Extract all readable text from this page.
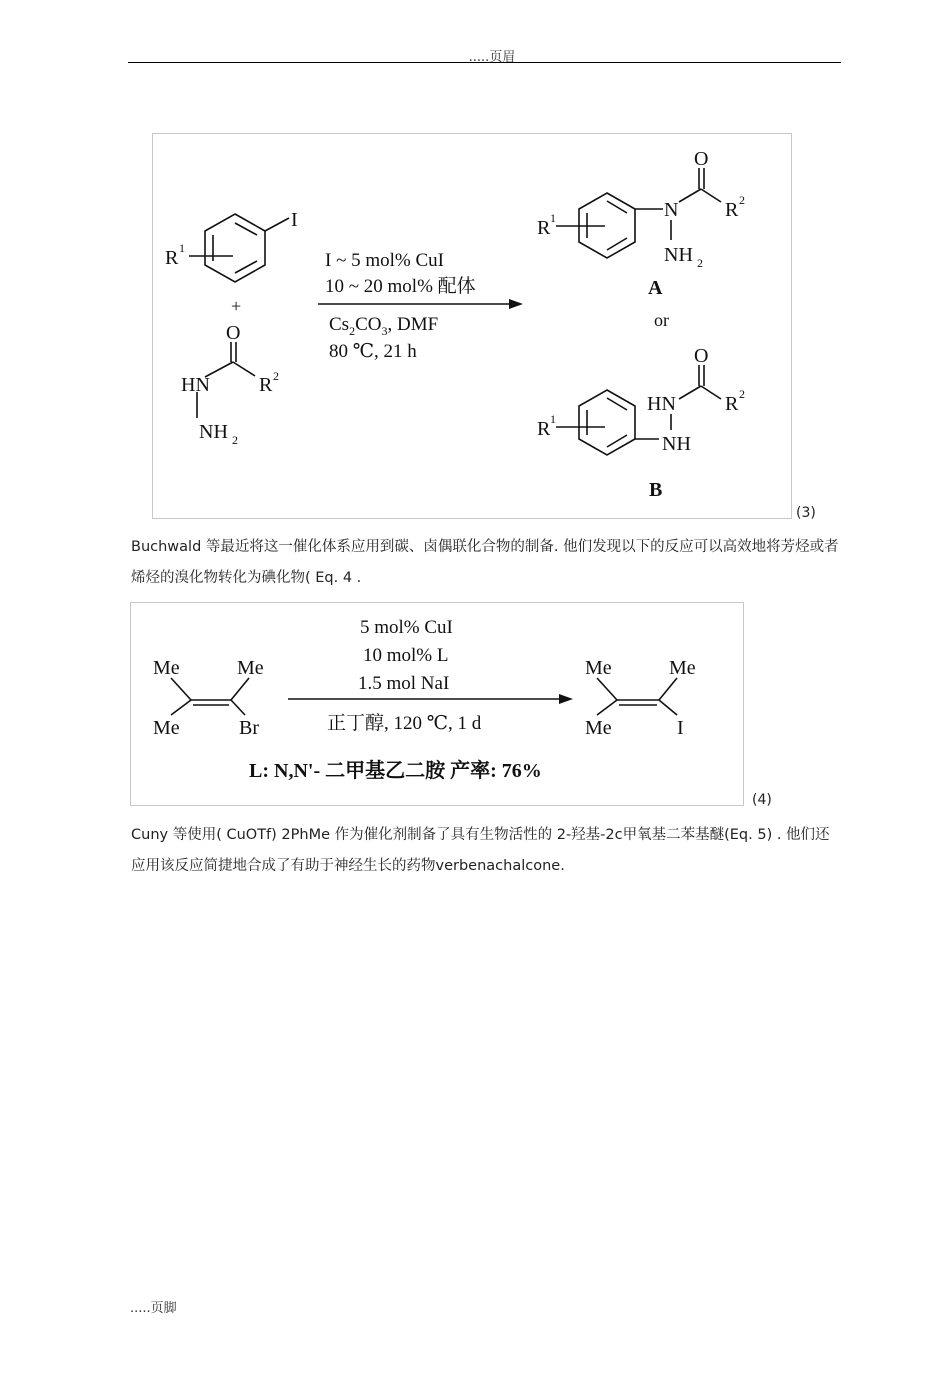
.....页眉
R 1
I
+
O
HN R 2
NH 2
I ~ 5 mol% CuI
10 ~ 20 mol% 配体
$Cs_2CO_3$, DMF
80 ℃, 21 h
R 1	N
O
R 2
NH 2
A
or
R 1
HN
NH
O
R 2
B
(3)

Buchwald 等最近将这一催化体系应用到碳、卤偶联化合物的制备. 他们发现以下的反应可以高效地将芳烃或者烯烃的溴化物转化为碘化物( Eq. 4 .

Me	Me
Me	Br
5 mol% CuI
10 mol% L
1.5 mol NaI
正丁醇, 120 ℃, 1 d
Me	Me
Me	I
L: N,N'- 二甲基乙二胺 产率: 76%
(4)

Cuny 等使用( CuOTf) 2PhMe 作为催化剂制备了具有生物活性的 2-羟基-2c甲氧基二苯基醚(Eq. 5) . 他们还应用该反应简捷地合成了有助于神经生长的药物verbenachalcone.

.....页脚
